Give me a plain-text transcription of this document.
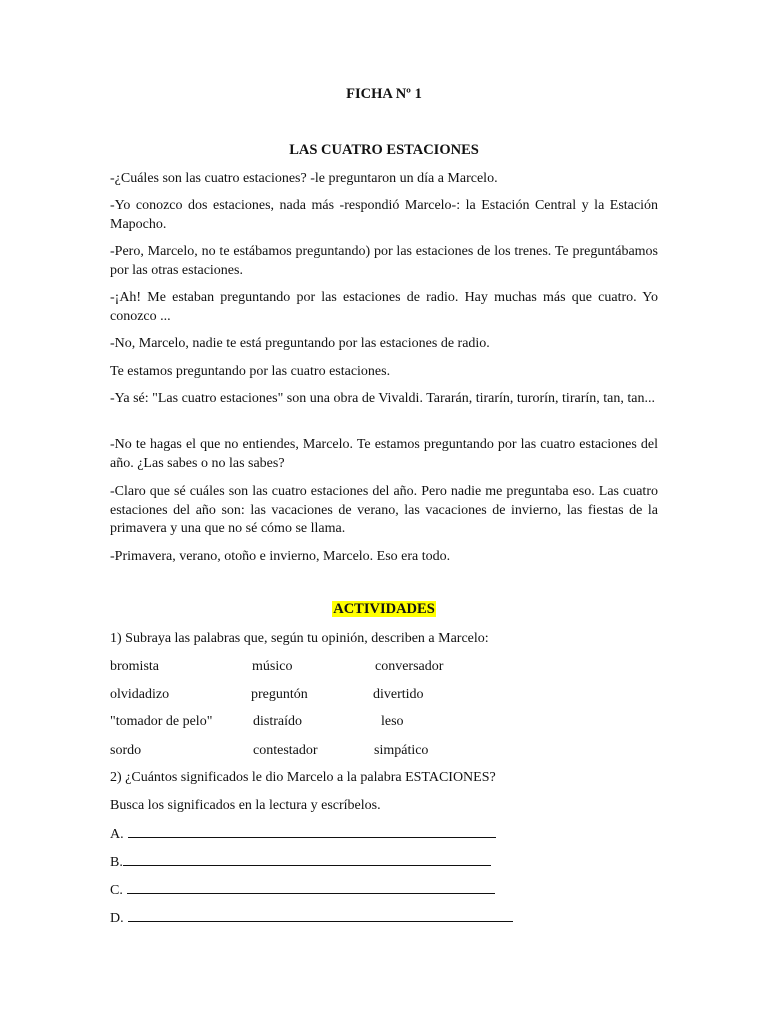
FICHA Nº 1
LAS CUATRO ESTACIONES

-¿Cuáles son las cuatro estaciones? -le preguntaron un día a Marcelo.

-Yo conozco dos estaciones, nada más -respondió Marcelo-: la Estación Central y la Estación Mapocho.

-Pero, Marcelo, no te estábamos preguntando) por las estaciones de los trenes. Te preguntábamos por las otras estaciones.

-¡Ah! Me estaban preguntando por las estaciones de radio. Hay muchas más que cuatro. Yo conozco ...

-No, Marcelo, nadie te está preguntando por las estaciones de radio.

Te estamos preguntando por las cuatro estaciones.

-Ya sé: "Las cuatro estaciones" son una obra de Vivaldi. Tararán, tirarín, turorín, tirarín, tan, tan...

-No te hagas el que no entiendes, Marcelo. Te estamos preguntando por las cuatro estaciones del año. ¿Las sabes o no las sabes?

-Claro que sé cuáles son las cuatro estaciones del año. Pero nadie me preguntaba eso. Las cuatro estaciones del año son: las vacaciones de verano, las vacaciones de invierno, las fiestas de la primavera y una que no sé cómo se llama.

-Primavera, verano, otoño e invierno, Marcelo. Eso era todo.

ACTIVIDADES

1) Subraya las palabras que, según tu opinión, describen a Marcelo:

bromista	músico	conversador

olvidadizo	preguntón	divertido

"tomador de pelo"	distraído	leso

sordo	contestador	simpático

2) ¿Cuántos significados le dio Marcelo a la palabra ESTACIONES?

Busca los significados en la lectura y escríbelos.

A.
B.
C.
D.
